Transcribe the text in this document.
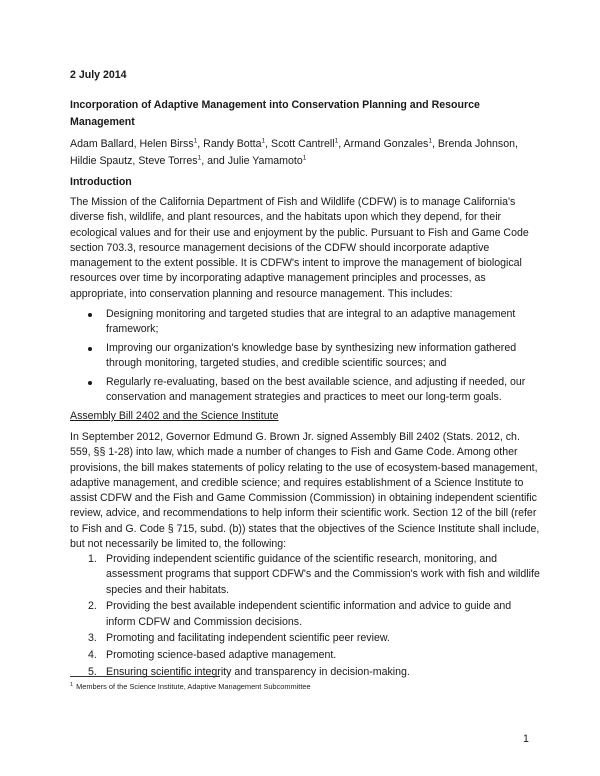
2 July 2014
Incorporation of Adaptive Management into Conservation Planning and Resource Management
Adam Ballard, Helen Birss$^1$, Randy Botta$^1$, Scott Cantrell$^1$, Armand Gonzales$^1$, Brenda Johnson, Hildie Spautz, Steve Torres$^1$, and Julie Yamamoto$^1$
Introduction
The Mission of the California Department of Fish and Wildlife (CDFW) is to manage California's diverse fish, wildlife, and plant resources, and the habitats upon which they depend, for their ecological values and for their use and enjoyment by the public. Pursuant to Fish and Game Code section 703.3, resource management decisions of the CDFW should incorporate adaptive management to the extent possible. It is CDFW's intent to improve the management of biological resources over time by incorporating adaptive management principles and processes, as appropriate, into conservation planning and resource management. This includes:
Designing monitoring and targeted studies that are integral to an adaptive management framework;
Improving our organization's knowledge base by synthesizing new information gathered through monitoring, targeted studies, and credible scientific sources; and
Regularly re-evaluating, based on the best available science, and adjusting if needed, our conservation and management strategies and practices to meet our long-term goals.
Assembly Bill 2402 and the Science Institute
In September 2012, Governor Edmund G. Brown Jr. signed Assembly Bill 2402 (Stats. 2012, ch. 559, §§ 1-28) into law, which made a number of changes to Fish and Game Code. Among other provisions, the bill makes statements of policy relating to the use of ecosystem-based management, adaptive management, and credible science; and requires establishment of a Science Institute to assist CDFW and the Fish and Game Commission (Commission) in obtaining independent scientific review, advice, and recommendations to help inform their scientific work. Section 12 of the bill (refer to Fish and G. Code § 715, subd. (b)) states that the objectives of the Science Institute shall include, but not necessarily be limited to, the following:
1. Providing independent scientific guidance of the scientific research, monitoring, and assessment programs that support CDFW's and the Commission's work with fish and wildlife species and their habitats.
2. Providing the best available independent scientific information and advice to guide and inform CDFW and Commission decisions.
3. Promoting and facilitating independent scientific peer review.
4. Promoting science-based adaptive management.
5. Ensuring scientific integrity and transparency in decision-making.
$^1$ Members of the Science Institute, Adaptive Management Subcommittee
1
